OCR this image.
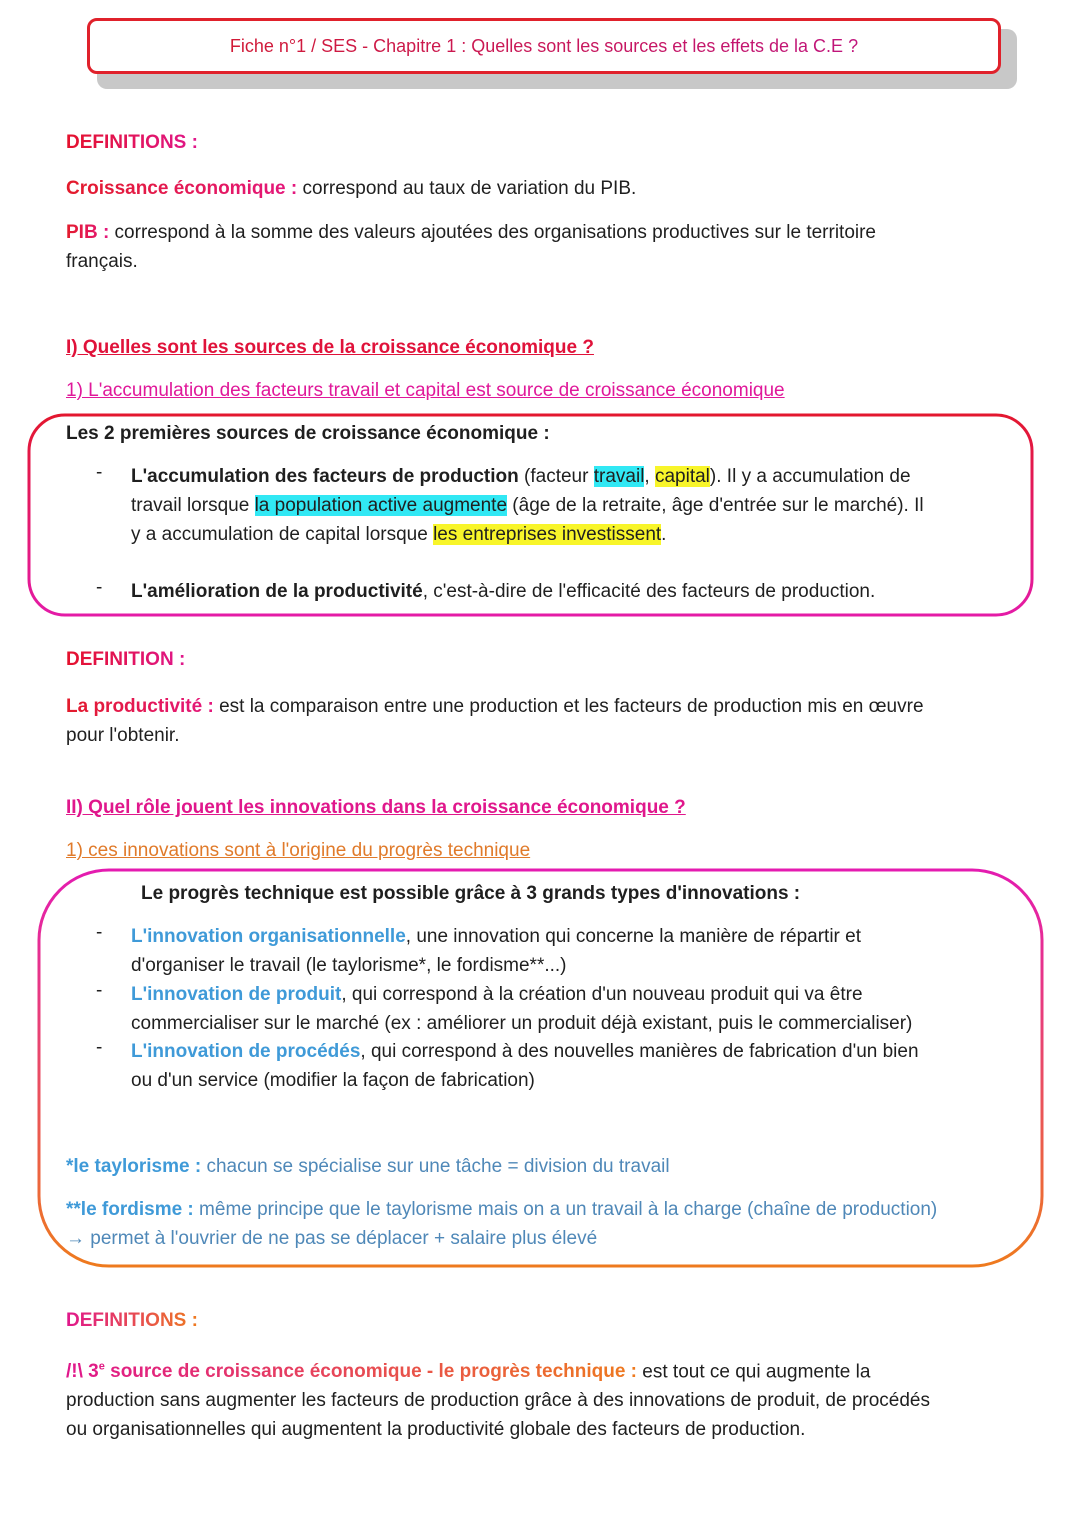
Fiche n°1 / SES - Chapitre 1 : Quelles sont les sources et les effets de la C.E ?
DEFINITIONS :
Croissance économique : correspond au taux de variation du PIB.
PIB : correspond à la somme des valeurs ajoutées des organisations productives sur le territoire
français.
I) Quelles sont les sources de la croissance économique ?
1) L'accumulation des facteurs travail et capital est source de croissance économique
Les 2 premières sources de croissance économique :
- L'accumulation des facteurs de production (facteur travail, capital). Il y a accumulation de
travail lorsque la population active augmente (âge de la retraite, âge d'entrée sur le marché). Il
y a accumulation de capital lorsque les entreprises investissent.
- L'amélioration de la productivité, c'est-à-dire de l'efficacité des facteurs de production.
DEFINITION :
La productivité : est la comparaison entre une production et les facteurs de production mis en œuvre
pour l'obtenir.
II) Quel rôle jouent les innovations dans la croissance économique ?
1) ces innovations sont à l'origine du progrès technique
Le progrès technique est possible grâce à 3 grands types d'innovations :
- L'innovation organisationnelle, une innovation qui concerne la manière de répartir et
d'organiser le travail (le taylorisme*, le fordisme**...)
- L'innovation de produit, qui correspond à la création d'un nouveau produit qui va être
commercialiser sur le marché (ex : améliorer un produit déjà existant, puis le commercialiser)
- L'innovation de procédés, qui correspond à des nouvelles manières de fabrication d'un bien
ou d'un service (modifier la façon de fabrication)
*le taylorisme : chacun se spécialise sur une tâche = division du travail
**le fordisme : même principe que le taylorisme mais on a un travail à la charge (chaîne de production)
→ permet à l'ouvrier de ne pas se déplacer + salaire plus élevé
DEFINITIONS :
/!\ 3e source de croissance économique - le progrès technique : est tout ce qui augmente la
production sans augmenter les facteurs de production grâce à des innovations de produit, de procédés
ou organisationnelles qui augmentent la productivité globale des facteurs de production.
